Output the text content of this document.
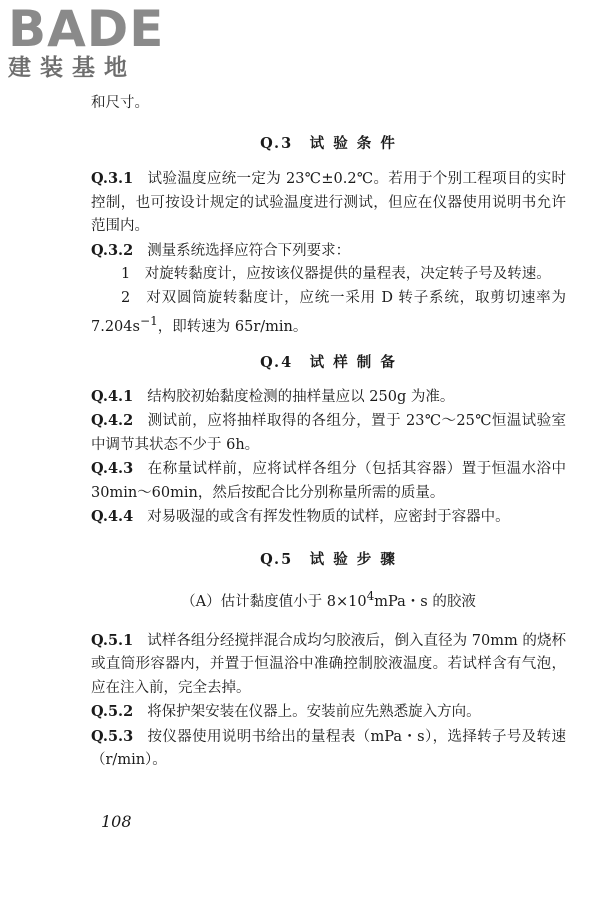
BADE
建装基地

和尺寸。

Q.3　试 验 条 件

Q.3.1 试验温度应统一定为 23℃±0.2℃。若用于个别工程项目的实时控制，也可按设计规定的试验温度进行测试，但应在仪器使用说明书允许范围内。

Q.3.2 测量系统选择应符合下列要求：

1　对旋转黏度计，应按该仪器提供的量程表，决定转子号及转速。

2　对双圆筒旋转黏度计，应统一采用 D 转子系统，取剪切速率为 $7.204s^{-1}$，即转速为 65r/min。

Q.4　试 样 制 备

Q.4.1 结构胶初始黏度检测的抽样量应以 250g 为准。

Q.4.2 测试前，应将抽样取得的各组分，置于 23℃～25℃恒温试验室中调节其状态不少于 6h。

Q.4.3 在称量试样前，应将试样各组分（包括其容器）置于恒温水浴中 30min～60min，然后按配合比分别称量所需的质量。

Q.4.4 对易吸湿的或含有挥发性物质的试样，应密封于容器中。

Q.5　试 验 步 骤

（A）估计黏度值小于 $8\times 10^4mPa$・s 的胶液

Q.5.1 试样各组分经搅拌混合成均匀胶液后，倒入直径为 70mm 的烧杯或直筒形容器内，并置于恒温浴中准确控制胶液温度。若试样含有气泡，应在注入前，完全去掉。

Q.5.2 将保护架安装在仪器上。安装前应先熟悉旋入方向。

Q.5.3 按仪器使用说明书给出的量程表（mPa・s），选择转子号及转速（r/min）。

108
